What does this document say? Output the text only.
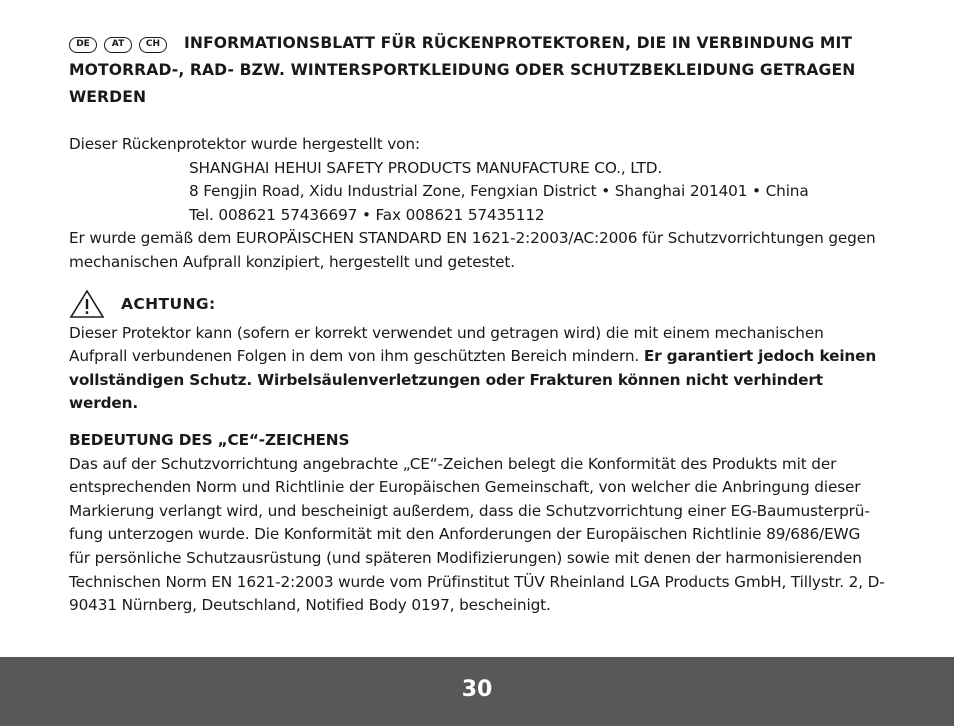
DE AT CH INFORMATIONSBLATT FÜR RÜCKENPROTEKTOREN, DIE IN VERBINDUNG MIT MOTORRAD-, RAD- BZW. WINTERSPORTKLEIDUNG ODER SCHUTZBEKLEIDUNG GETRAGEN WERDEN

Dieser Rückenprotektor wurde hergestellt von:

SHANGHAI HEHUI SAFETY PRODUCTS MANUFACTURE CO., LTD.

8 Fengjin Road, Xidu Industrial Zone, Fengxian District • Shanghai 201401 • China

Tel. 008621 57436697 • Fax 008621 57435112

Er wurde gemäß dem EUROPÄISCHEN STANDARD EN 1621-2:2003/AC:2006 für Schutzvorrichtungen gegen mechanischen Aufprall konzipiert, hergestellt und getestet.

ACHTUNG:

Dieser Protektor kann (sofern er korrekt verwendet und getragen wird) die mit einem mechanischen Aufprall verbundenen Folgen in dem von ihm geschützten Bereich mindern. Er garantiert jedoch keinen vollständigen Schutz. Wirbelsäulenverletzungen oder Frakturen können nicht verhindert werden.

BEDEUTUNG DES „CE“-ZEICHENS

Das auf der Schutzvorrichtung angebrachte „CE“-Zeichen belegt die Konformität des Produkts mit der entsprechenden Norm und Richtlinie der Europäischen Gemeinschaft, von welcher die Anbringung dieser Markierung verlangt wird, und bescheinigt außerdem, dass die Schutzvorrichtung einer EG-Baumusterprü-fung unterzogen wurde. Die Konformität mit den Anforderungen der Europäischen Richtlinie 89/686/EWG für persönliche Schutzausrüstung (und späteren Modifizierungen) sowie mit denen der harmonisierenden Technischen Norm EN 1621-2:2003 wurde vom Prüfinstitut TÜV Rheinland LGA Products GmbH, Tillystr. 2, D-90431 Nürnberg, Deutschland, Notified Body 0197, bescheinigt.

30
